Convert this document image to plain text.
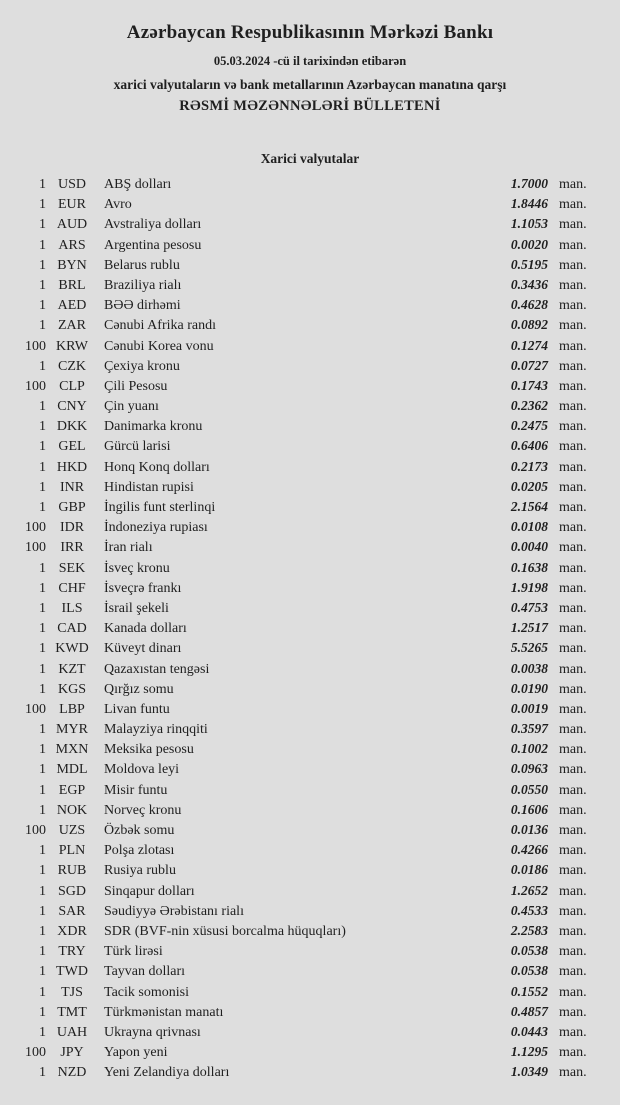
Azərbaycan Respublikasının Mərkəzi Bankı
05.03.2024 -cü il tarixindən etibarən
xarici valyutaların və bank metallarının Azərbaycan manatına qarşı
RƏSMİ MƏZƏNNƏLƏRİ BÜLLETENİ
Xarici valyutalar
1 USD	ABŞ dolları	1.7000 man.
1 EUR	Avro	1.8446 man.
1 AUD	Avstraliya dolları	1.1053 man.
1 ARS	Argentina pesosu	0.0020 man.
1 BYN	Belarus rublu	0.5195 man.
1 BRL	Braziliya rialı	0.3436 man.
1 AED	BƏƏ dirhəmi	0.4628 man.
1 ZAR	Cənubi Afrika randı	0.0892 man.
100 KRW	Cənubi Korea vonu	0.1274 man.
1 CZK	Çexiya kronu	0.0727 man.
100 CLP	Çili Pesosu	0.1743 man.
1 CNY	Çin yuanı	0.2362 man.
1 DKK	Danimarka kronu	0.2475 man.
1 GEL	Gürcü larisi	0.6406 man.
1 HKD	Honq Konq dolları	0.2173 man.
1 INR	Hindistan rupisi	0.0205 man.
1 GBP	İngilis funt sterlinqi	2.1564 man.
100 IDR	İndoneziya rupiası	0.0108 man.
100	IRR	İran rialı	0.0040 man.
1 SEK	İsveç kronu	0.1638 man.
1 CHF	İsveçrə frankı	1.9198 man.
1	ILS	İsrail şekeli	0.4753 man.
1 CAD	Kanada dolları	1.2517 man.
1 KWD	Küveyt dinarı	5.5265 man.
1 KZT	Qazaxıstan tengəsi	0.0038 man.
1 KGS	Qırğız somu	0.0190 man.
100 LBP	Livan funtu	0.0019 man.
1 MYR	Malayziya rinqqiti	0.3597 man.
1 MXN	Meksika pesosu	0.1002 man.
1 MDL	Moldova leyi	0.0963 man.
1 EGP	Misir funtu	0.0550 man.
1 NOK	Norveç kronu	0.1606 man.
100 UZS	Özbək somu	0.0136 man.
1 PLN	Polşa zlotası	0.4266 man.
1 RUB	Rusiya rublu	0.0186 man.
1 SGD	Sinqapur dolları	1.2652 man.
1 SAR	Səudiyyə Ərəbistanı rialı	0.4533 man.
1 XDR	SDR (BVF-nin xüsusi borcalma hüquqları)	2.2583 man.
1 TRY	Türk lirəsi	0.0538 man.
1 TWD	Tayvan dolları	0.0538 man.
1	TJS	Tacik somonisi	0.1552 man.
1 TMT	Türkmənistan manatı	0.4857 man.
1 UAH	Ukrayna qrivnası	0.0443 man.
100	JPY	Yapon yeni	1.1295 man.
1 NZD	Yeni Zelandiya dolları	1.0349 man.
